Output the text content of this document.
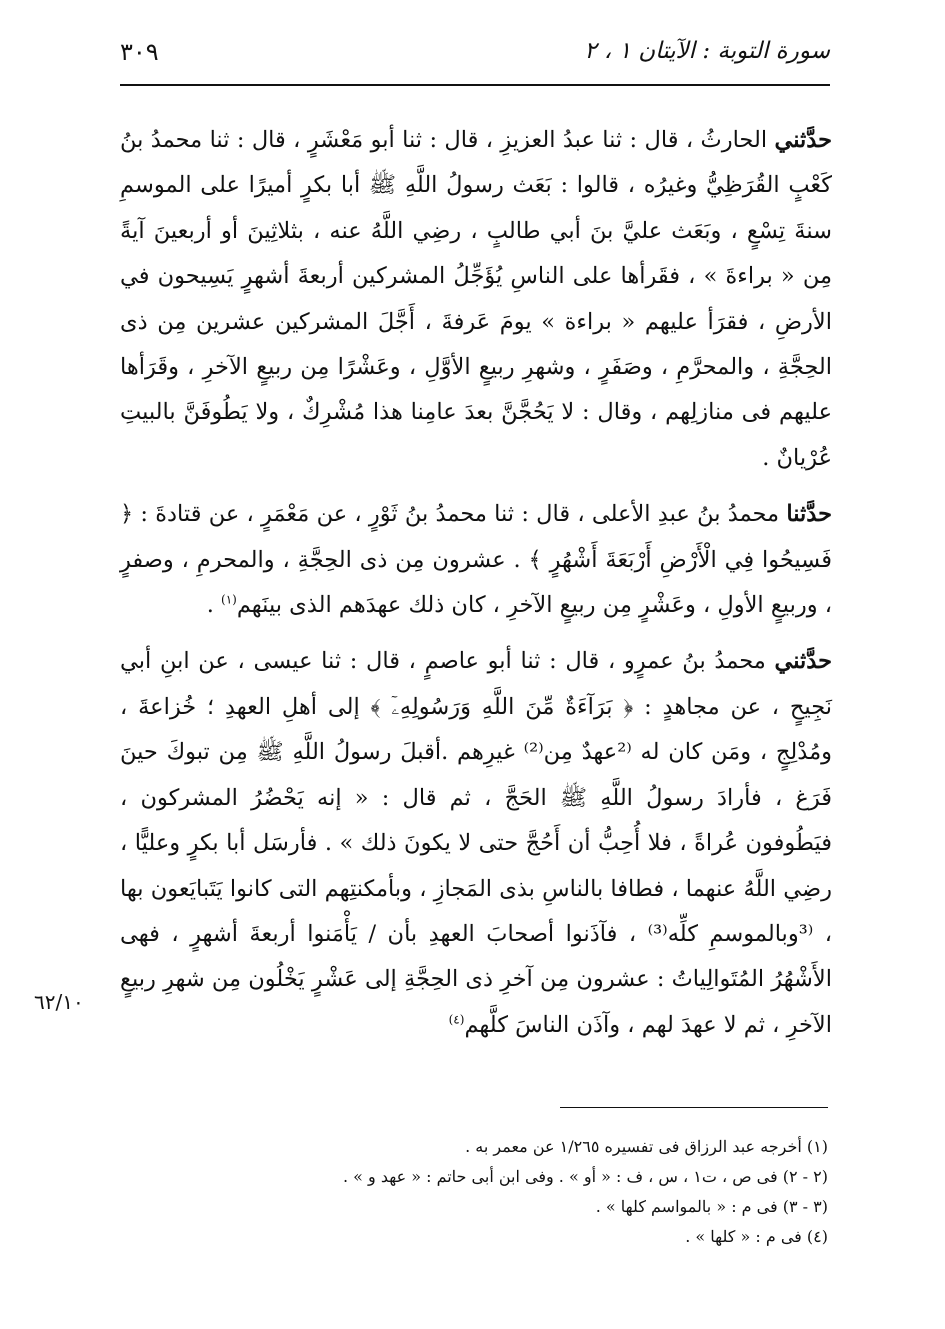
٣٠٩	سورة التوبة : الآيتان ١ ، ٢

حدَّثني الحارثُ ، قال : ثنا عبدُ العزيزِ ، قال : ثنا أبو مَعْشَرٍ ، قال : ثنا محمدُ بنُ كَعْبٍ القُرَظِيُّ وغيرُه ، قالوا : بَعَث رسولُ اللَّهِ ﷺ أبا بكرٍ أميرًا على الموسمِ سنةَ تِسْعٍ ، وبَعَث عليَّ بنَ أبي طالبٍ ، رضِي اللَّهُ عنه ، بثلاثِينَ أو أربعينَ آيةً مِن « براءةَ » ، فقَرأها على الناسِ يُؤَجِّلُ المشركين أربعةَ أشهرٍ يَسِيحون في الأرضِ ، فقرَأ عليهم « براءة » يومَ عَرفةَ ، أَجَّلَ المشركين عشرين مِن ذى الحِجَّةِ ، والمحرَّمِ ، وصَفَرٍ ، وشهرِ ربيعٍ الأوَّلِ ، وعَشْرًا مِن ربيعٍ الآخرِ ، وقَرَأها عليهم فى منازلِهم ، وقال : لا يَحُجَّنَّ بعدَ عامِنا هذا مُشْرِكٌ ، ولا يَطُوفَنَّ بالبيتِ عُرْيانٌ .

حدَّثنا محمدُ بنُ عبدِ الأعلى ، قال : ثنا محمدُ بنُ ثَوْرٍ ، عن مَعْمَرٍ ، عن قتادةَ : ﴿ فَسِيحُوا فِي الْأَرْضِ أَرْبَعَةَ أَشْهُرٍ ﴾ . عشرون مِن ذى الحِجَّةِ ، والمحرمِ ، وصفرٍ ، وربيعٍ الأولِ ، وعَشْرٍ مِن ربيعٍ الآخرِ ، كان ذلك عهدَهم الذى بينَهم$^{(١)}$ .

حدَّثني محمدُ بنُ عمرٍو ، قال : ثنا أبو عاصمٍ ، قال : ثنا عيسى ، عن ابنِ أبي نَجِيحٍ ، عن مجاهدٍ : ﴿ بَرَآءَةٌ مِّنَ اللَّهِ وَرَسُولِهِۦٓ ﴾ إلى أهلِ العهدِ ؛ خُزاعةَ ، ومُدْلِجٍ ، ومَن كان له ⁽²عهدٌ مِن⁽²⁾ غيرِهم .أقبلَ رسولُ اللَّهِ ﷺ مِن تبوكَ حينَ فَرَغ ، فأرادَ رسولُ اللَّهِ ﷺ الحَجَّ ، ثم قال : « إنه يَحْضُرُ المشركون ، فيَطُوفون عُراةً ، فلا أُحِبُّ أن أَحُجَّ حتى لا يكونَ ذلك » . فأرسَل أبا بكرٍ وعليًّا ، رضِي اللَّهُ عنهما ، فطافا بالناسِ بذى المَجازِ ، وبأمكنتِهم التى كانوا يَتَبايَعون بها ، ⁽³وبالموسمِ كلِّه⁽³⁾ ، فآذَنوا أصحابَ العهدِ بأن / يَأْمَنوا أربعةَ أشهرٍ ، فهى الأَشْهُرُ المُتَوالِياتُ : عشرون مِن آخرِ ذى الحِجَّةِ إلى عَشْرٍ يَخْلُون مِن شهرِ ربيعٍ الآخرِ ، ثم لا عهدَ لهم ، وآذَن الناسَ كلَّهم$^{(٤)}$

٦٢/١٠

(١) أخرجه عبد الرزاق فى تفسيره ١/٢٦٥ عن معمر به .

(٢ - ٢) فى ص ، ت١ ، س ، ف : « أو » . وفى ابن أبى حاتم : « عهد و » .

(٣ - ٣) فى م : « بالمواسم كلها » .

(٤) فى م : « كلها » .
